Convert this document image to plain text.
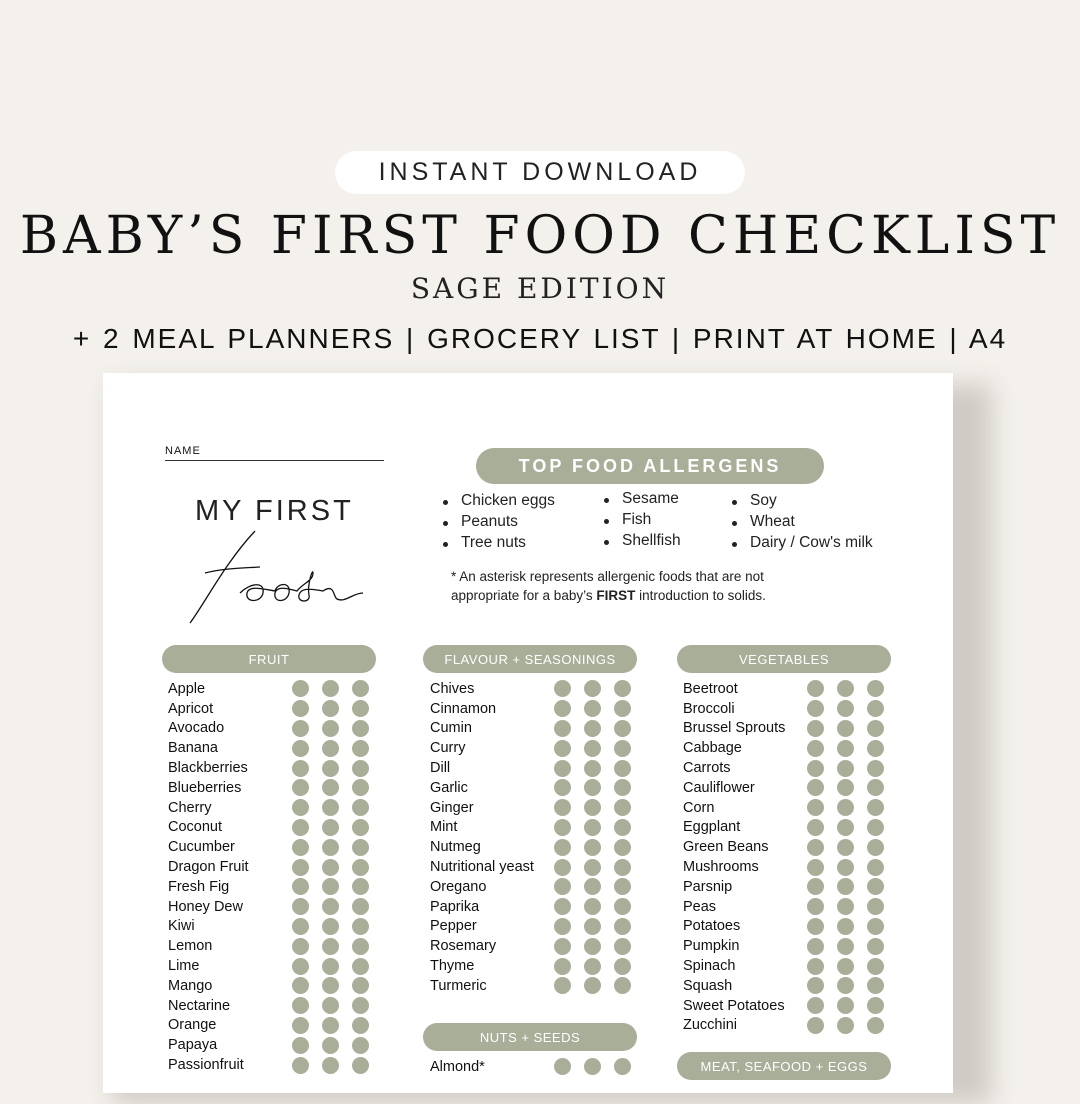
INSTANT DOWNLOAD
BABY’S FIRST FOOD CHECKLIST
SAGE EDITION
+ 2 MEAL PLANNERS | GROCERY LIST | PRINT AT HOME | A4
NAME
MY FIRST
foods
TOP FOOD ALLERGENS
Chicken eggs
Peanuts
Tree nuts
Sesame
Fish
Shellfish
Soy
Wheat
Dairy / Cow's milk
* An asterisk represents allergenic foods that are not appropriate for a baby’s FIRST introduction to solids.
FRUIT
Apple
Apricot
Avocado
Banana
Blackberries
Blueberries
Cherry
Coconut
Cucumber
Dragon Fruit
Fresh Fig
Honey Dew
Kiwi
Lemon
Lime
Mango
Nectarine
Orange
Papaya
Passionfruit
FLAVOUR + SEASONINGS
Chives
Cinnamon
Cumin
Curry
Dill
Garlic
Ginger
Mint
Nutmeg
Nutritional yeast
Oregano
Paprika
Pepper
Rosemary
Thyme
Turmeric
NUTS + SEEDS
Almond*
VEGETABLES
Beetroot
Broccoli
Brussel Sprouts
Cabbage
Carrots
Cauliflower
Corn
Eggplant
Green Beans
Mushrooms
Parsnip
Peas
Potatoes
Pumpkin
Spinach
Squash
Sweet Potatoes
Zucchini
MEAT, SEAFOOD + EGGS
